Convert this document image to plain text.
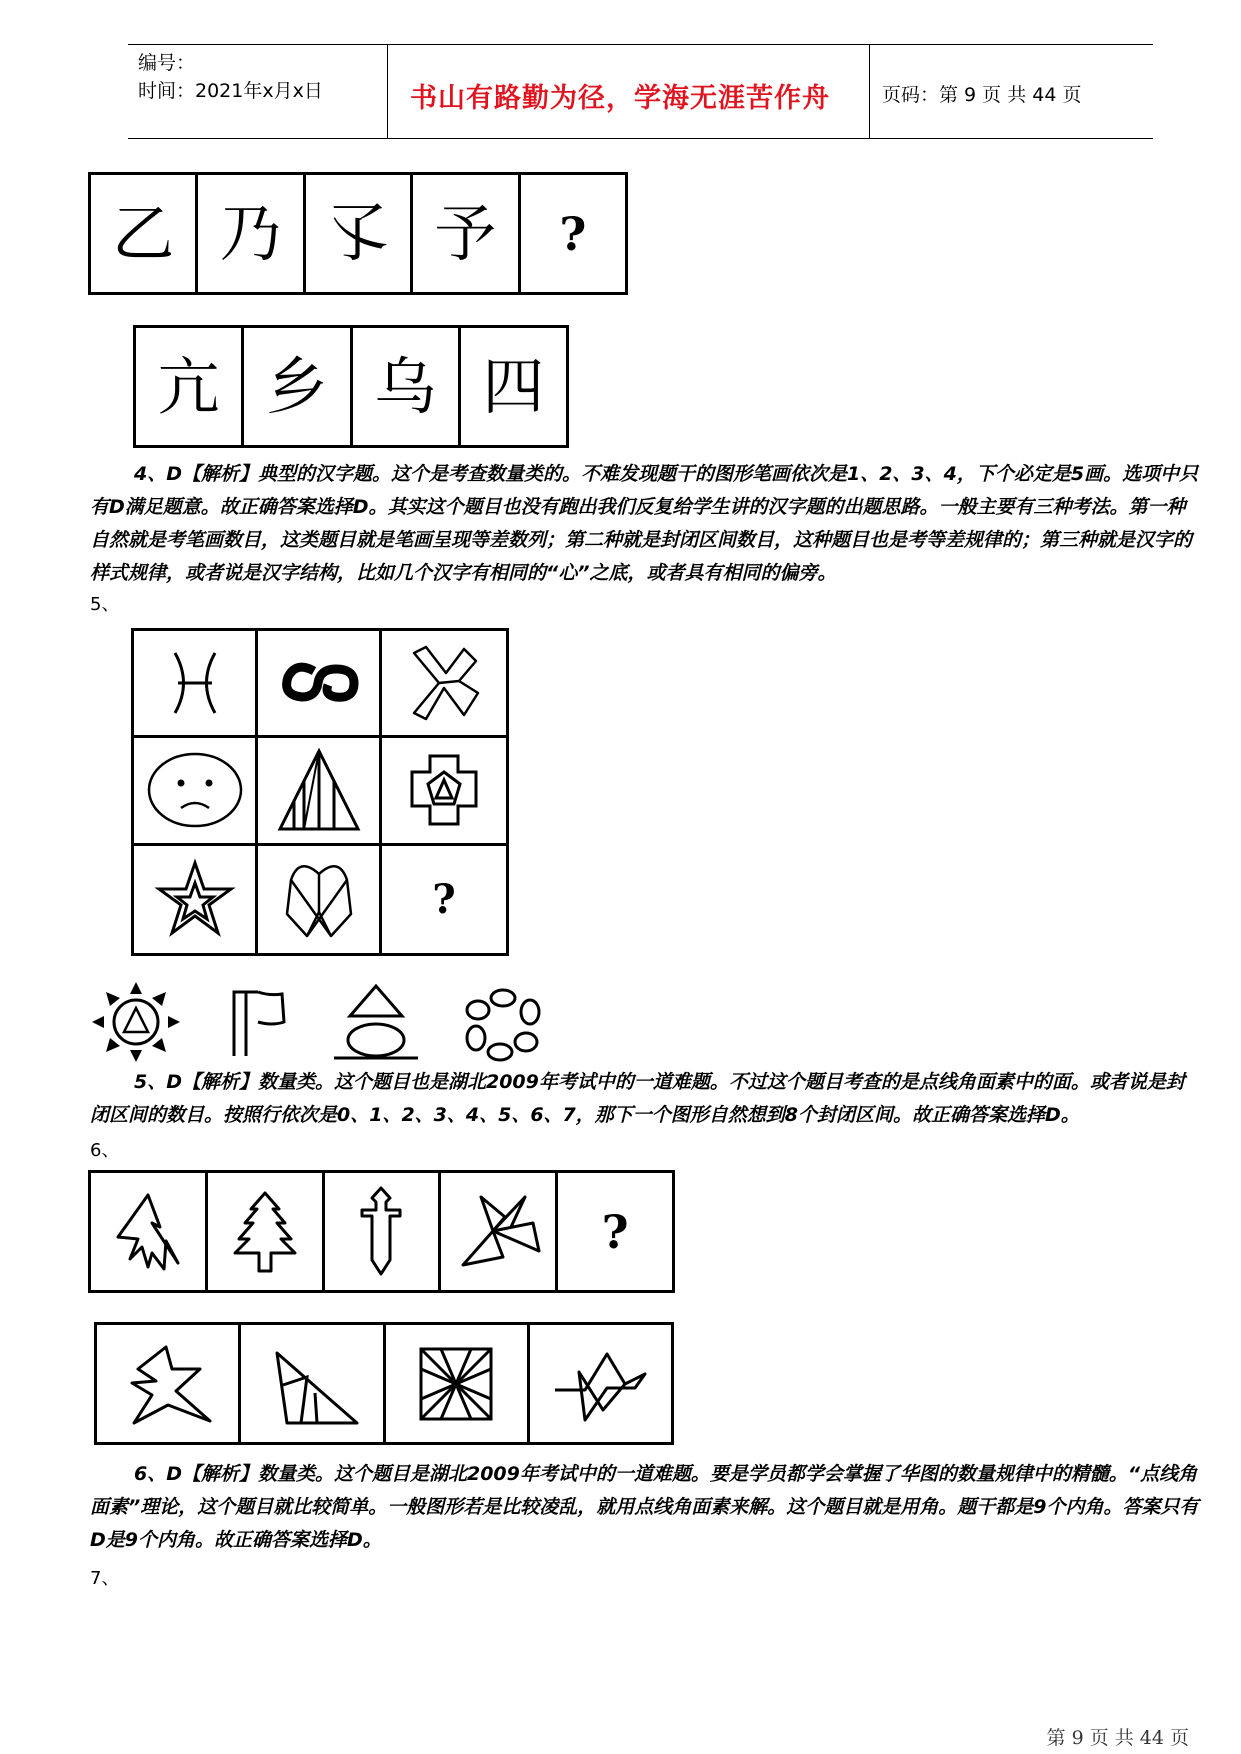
编号：
时间：2021年x月x日	书山有路勤为径，学海无涯苦作舟	页码：第 9 页 共 44 页
乙 乃 孓 予 ?
亢 乡 乌 四
4、D【解析】典型的汉字题。这个是考查数量类的。不难发现题干的图形笔画依次是1、2、3、4，下个必定是5画。选项中只有D满足题意。故正确答案选择D。其实这个题目也没有跑出我们反复给学生讲的汉字题的出题思路。一般主要有三种考法。第一种自然就是考笔画数目，这类题目就是笔画呈现等差数列；第二种就是封闭区间数目，这种题目也是考等差规律的；第三种就是汉字的样式规律，或者说是汉字结构，比如几个汉字有相同的“心”之底，或者具有相同的偏旁。
5、
?
5、D【解析】数量类。这个题目也是湖北2009年考试中的一道难题。不过这个题目考查的是点线角面素中的面。或者说是封闭区间的数目。按照行依次是0、1、2、3、4、5、6、7，那下一个图形自然想到8个封闭区间。故正确答案选择D。
6、
?
6、D【解析】数量类。这个题目是湖北2009年考试中的一道难题。要是学员都学会掌握了华图的数量规律中的精髓。“点线角面素”理论，这个题目就比较简单。一般图形若是比较凌乱，就用点线角面素来解。这个题目就是用角。题干都是9个内角。答案只有D是9个内角。故正确答案选择D。
7、
第 9 页 共 44 页
